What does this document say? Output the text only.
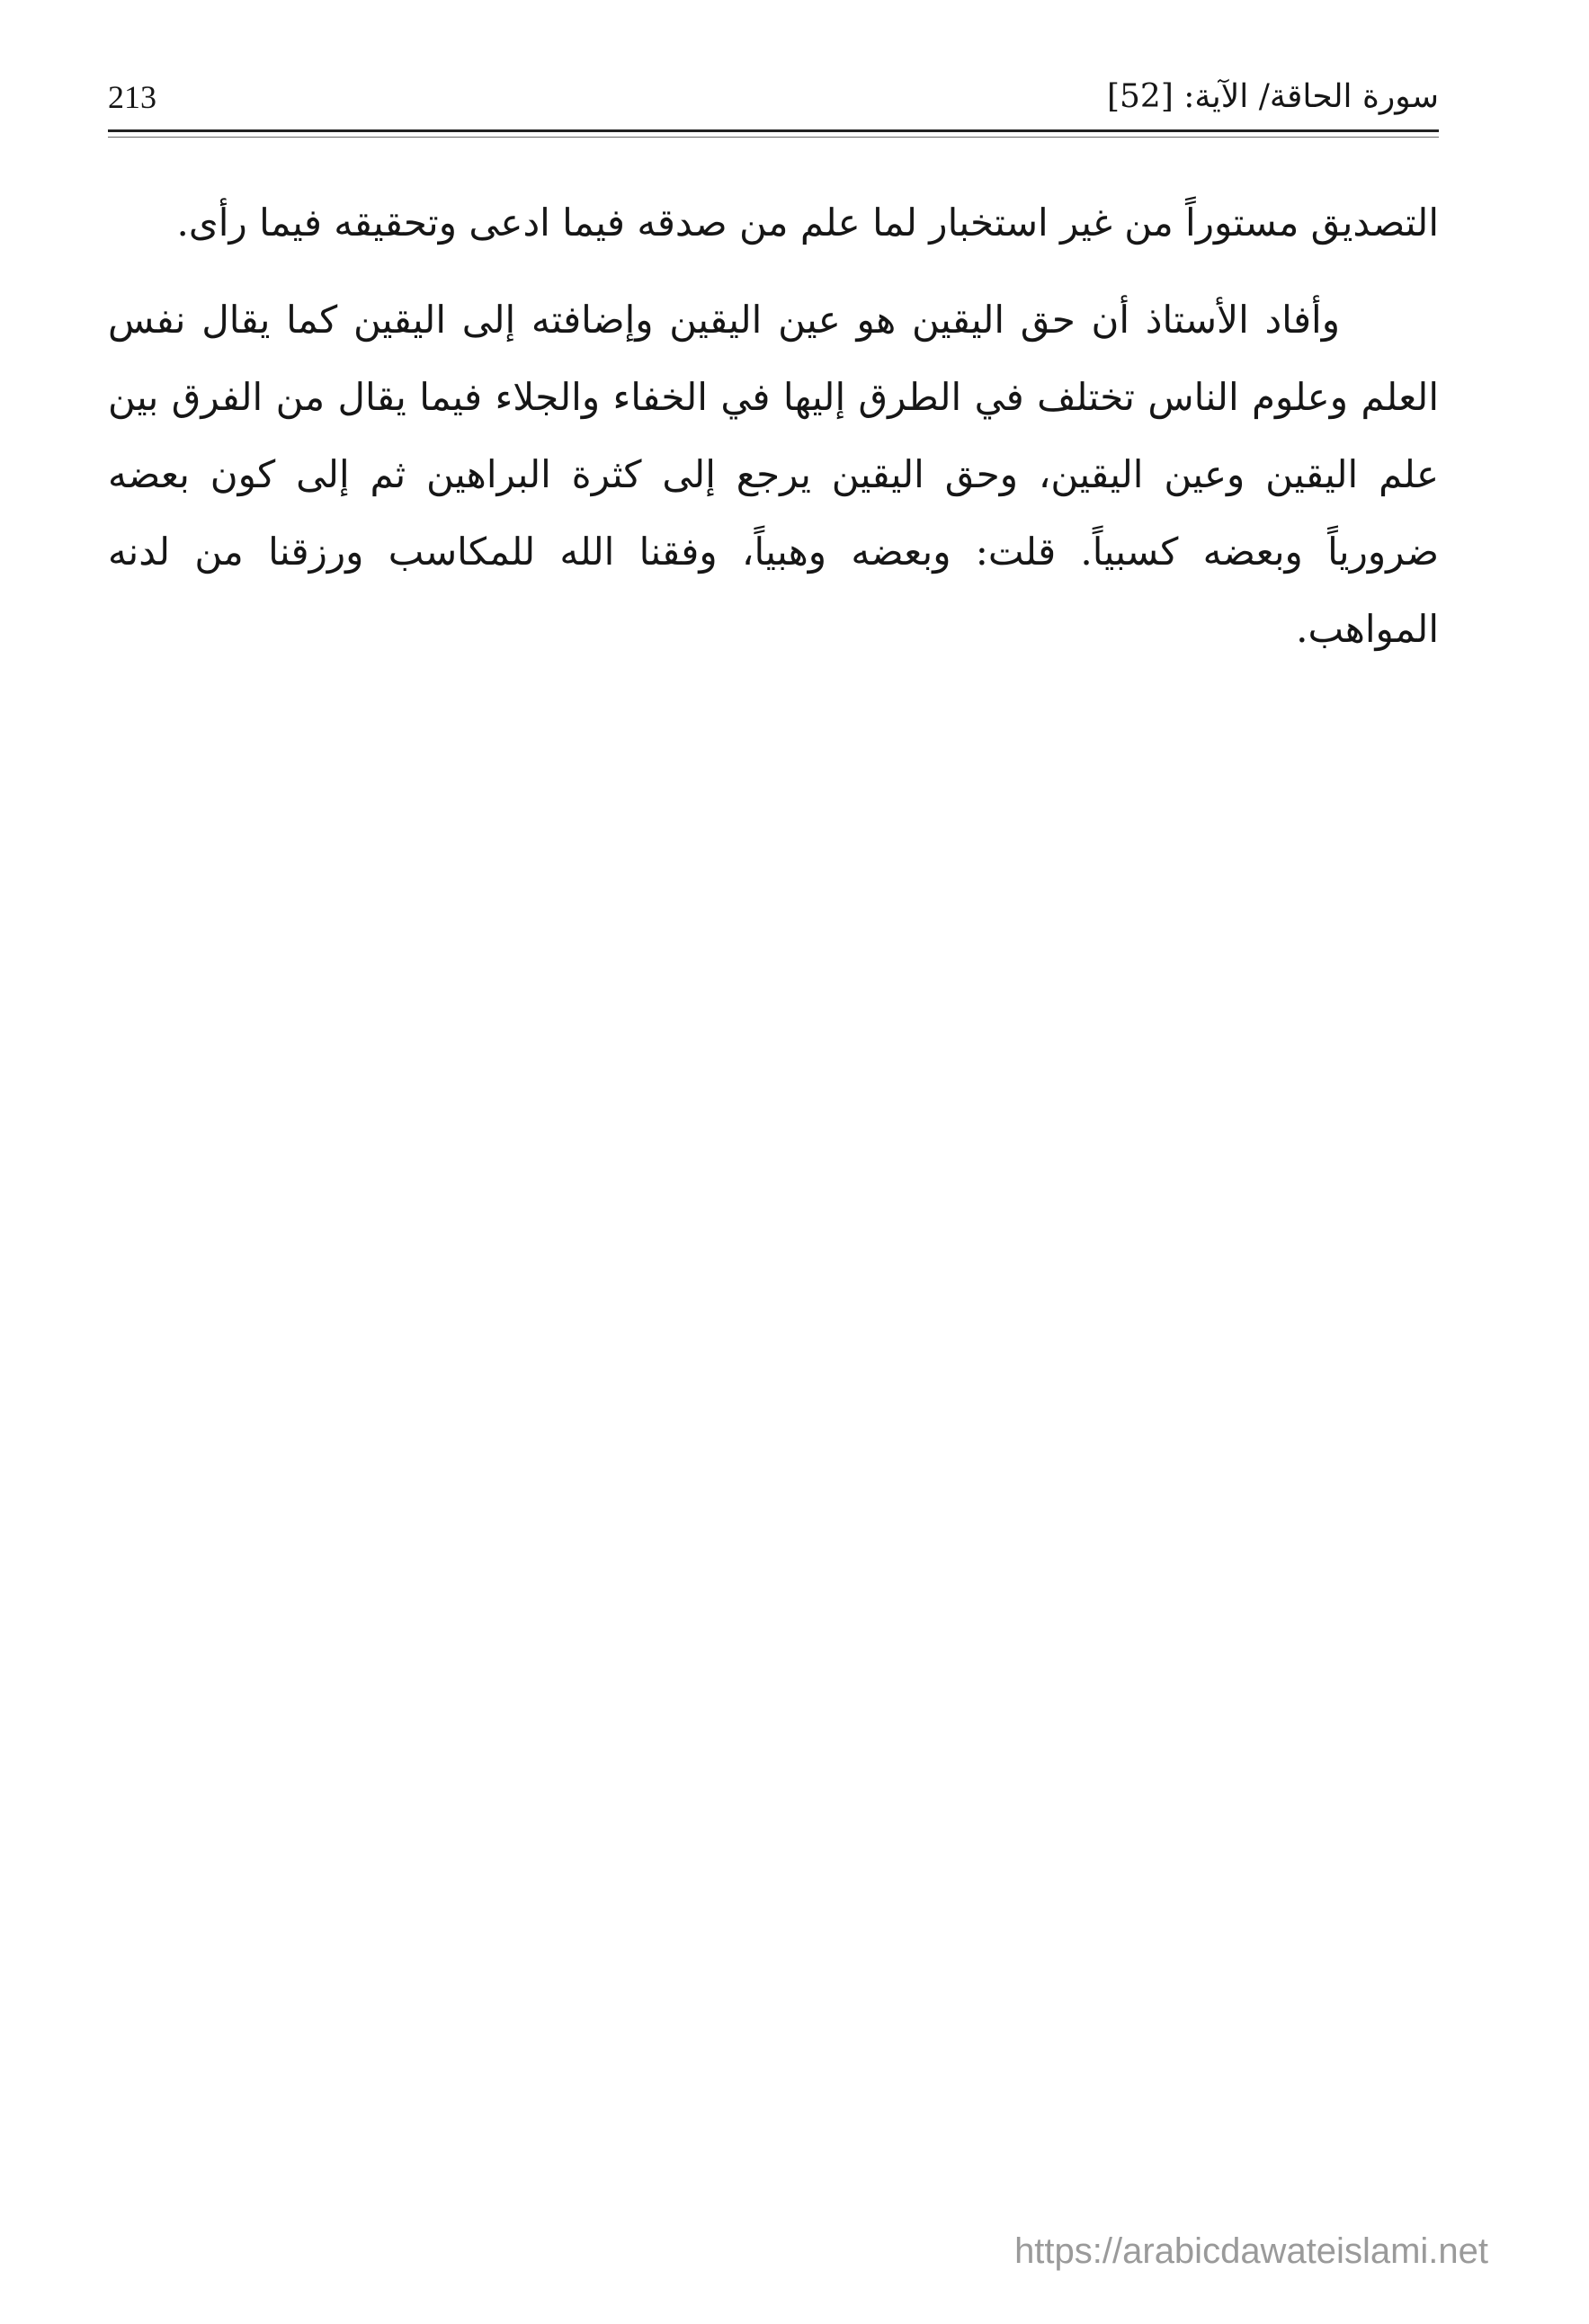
سورة الحاقة/ الآية: [52]
213

التصديق مستوراً من غير استخبار لما علم من صدقه فيما ادعى وتحقيقه فيما رأى.

وأفاد الأستاذ أن حق اليقين هو عين اليقين وإضافته إلى اليقين كما يقال نفس العلم وعلوم الناس تختلف في الطرق إليها في الخفاء والجلاء فيما يقال من الفرق بين علم اليقين وعين اليقين، وحق اليقين يرجع إلى كثرة البراهين ثم إلى كون بعضه ضرورياً وبعضه كسبياً. قلت: وبعضه وهبياً، وفقنا الله للمكاسب ورزقنا من لدنه المواهب.

https://arabicdawateislami.net
